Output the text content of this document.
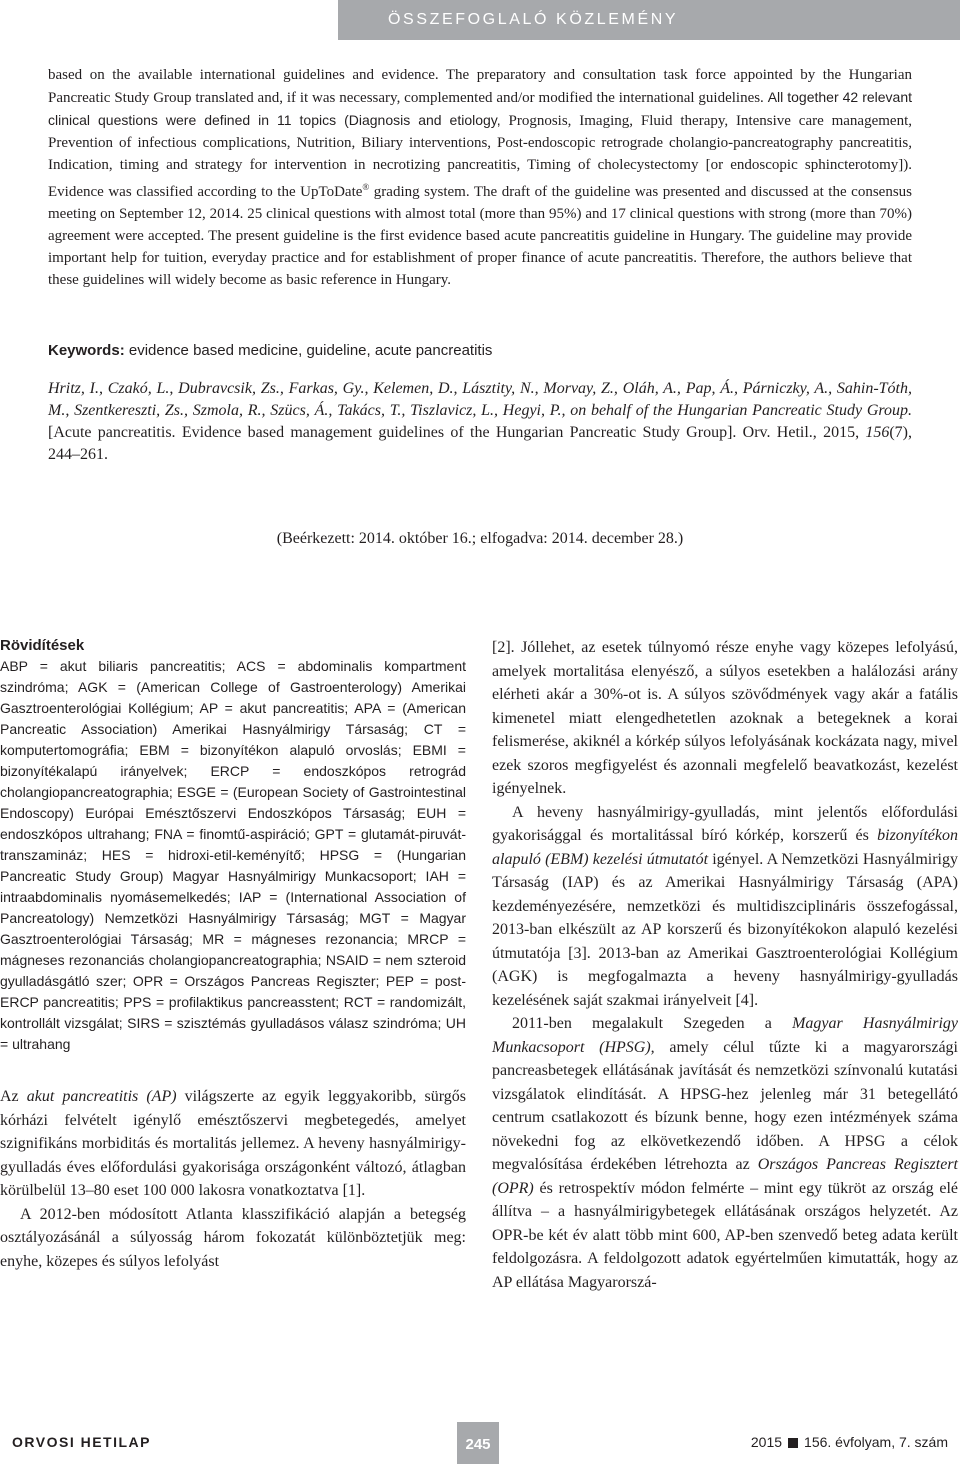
ÖSSZEFOGLALÓ KÖZLEMÉNY
based on the available international guidelines and evidence. The preparatory and consultation task force appointed by the Hungarian Pancreatic Study Group translated and, if it was necessary, complemented and/or modified the international guidelines. All together 42 relevant clinical questions were defined in 11 topics (Diagnosis and etiology, Prognosis, Imaging, Fluid therapy, Intensive care management, Prevention of infectious complications, Nutrition, Biliary interventions, Post-endoscopic retrograde cholangio-pancreatography pancreatitis, Indication, timing and strategy for intervention in necrotizing pancreatitis, Timing of cholecystectomy [or endoscopic sphincterotomy]). Evidence was classified according to the UpToDate® grading system. The draft of the guideline was presented and discussed at the consensus meeting on September 12, 2014. 25 clinical questions with almost total (more than 95%) and 17 clinical questions with strong (more than 70%) agreement were accepted. The present guideline is the first evidence based acute pancreatitis guideline in Hungary. The guideline may provide important help for tuition, everyday practice and for establishment of proper finance of acute pancreatitis. Therefore, the authors believe that these guidelines will widely become as basic reference in Hungary.
Keywords: evidence based medicine, guideline, acute pancreatitis
Hritz, I., Czakó, L., Dubravcsik, Zs., Farkas, Gy., Kelemen, D., Lásztity, N., Morvay, Z., Oláh, A., Pap, Á., Párniczky, A., Sahin-Tóth, M., Szentkereszti, Zs., Szmola, R., Szücs, Á., Takács, T., Tiszlavicz, L., Hegyi, P., on behalf of the Hungarian Pancreatic Study Group. [Acute pancreatitis. Evidence based management guidelines of the Hungarian Pancreatic Study Group]. Orv. Hetil., 2015, 156(7), 244–261.
(Beérkezett: 2014. október 16.; elfogadva: 2014. december 28.)
Rövidítések

ABP = akut biliaris pancreatitis; ACS = abdominalis kompartment szindróma; AGK = (American College of Gastroenterology) Amerikai Gasztroenterológiai Kollégium; AP = akut pancreatitis; APA = (American Pancreatic Association) Amerikai Hasnyálmirigy Társaság; CT = komputertomográfia; EBM = bizonyítékon alapuló orvoslás; EBMI = bizonyítékalapú irányelvek; ERCP = endoszkópos retrográd cholangiopancreatographia; ESGE = (European Society of Gastrointestinal Endoscopy) Európai Emésztőszervi Endoszkópos Társaság; EUH = endoszkópos ultrahang; FNA = finomtű-aspiráció; GPT = glutamát-piruvát-transzamináz; HES = hidroxi-etil-keményítő; HPSG = (Hungarian Pancreatic Study Group) Magyar Hasnyálmirigy Munkacsoport; IAH = intraabdominalis nyomásemelkedés; IAP = (International Association of Pancreatology) Nemzetközi Hasnyálmirigy Társaság; MGT = Magyar Gasztroenterológiai Társaság; MR = mágneses rezonancia; MRCP = mágneses rezonanciás cholangiopancreatographia; NSAID = nem szteroid gyulladásgátló szer; OPR = Országos Pancreas Regiszter; PEP = post-ERCP pancreatitis; PPS = profilaktikus pancreasstent; RCT = randomizált, kontrollált vizsgálat; SIRS = szisztémás gyulladásos válasz szindróma; UH = ultrahang

Az akut pancreatitis (AP) világszerte az egyik leggyakoribb, sürgős kórházi felvételt igénylő emésztőszervi megbetegedés, amelyet szignifikáns morbiditás és mortalitás jellemez. A heveny hasnyálmirigy-gyulladás éves előfordulási gyakorisága országonként változó, átlagban körülbelül 13–80 eset 100 000 lakosra vonatkoztatva [1].

A 2012-ben módosított Atlanta klasszifikáció alapján a betegség osztályozásánál a súlyosság három fokozatát különböztetjük meg: enyhe, közepes és súlyos lefolyást

[2]. Jóllehet, az esetek túlnyomó része enyhe vagy közepes lefolyású, amelyek mortalitása elenyésző, a súlyos esetekben a halálozási arány elérheti akár a 30%-ot is. A súlyos szövődmények vagy akár a fatális kimenetel miatt elengedhetetlen azoknak a betegeknek a korai felismerése, akiknél a kórkép súlyos lefolyásának kockázata nagy, mivel ezek szoros megfigyelést és azonnali megfelelő beavatkozást, kezelést igényelnek.

A heveny hasnyálmirigy-gyulladás, mint jelentős előfordulási gyakorisággal és mortalitással bíró kórkép, korszerű és bizonyítékon alapuló (EBM) kezelési útmutatót igényel. A Nemzetközi Hasnyálmirigy Társaság (IAP) és az Amerikai Hasnyálmirigy Társaság (APA) kezdeményezésére, nemzetközi és multidiszciplináris összefogással, 2013-ban elkészült az AP korszerű és bizonyítékokon alapuló kezelési útmutatója [3]. 2013-ban az Amerikai Gasztroenterológiai Kollégium (AGK) is megfogalmazta a heveny hasnyálmirigy-gyulladás kezelésének saját szakmai irányelveit [4].

2011-ben megalakult Szegeden a Magyar Hasnyálmirigy Munkacsoport (HPSG), amely célul tűzte ki a magyarországi pancreasbetegek ellátásának javítását és nemzetközi színvonalú kutatási vizsgálatok elindítását. A HPSG-hez jelenleg már 31 betegellátó centrum csatlakozott és bízunk benne, hogy ezen intézmények száma növekedni fog az elkövetkezendő időben. A HPSG a célok megvalósítása érdekében létrehozta az Országos Pancreas Regisztert (OPR) és retrospektív módon felmérte – mint egy tükröt az ország elé állítva – a hasnyálmirigybetegek ellátásának országos helyzetét. Az OPR-be két év alatt több mint 600, AP-ben szenvedő beteg adata került feldolgozásra. A feldolgozott adatok egyértelműen kimutatták, hogy az AP ellátása Magyarorszá-

ORVOSI HETILAP	245	2015 156. évfolyam, 7. szám
